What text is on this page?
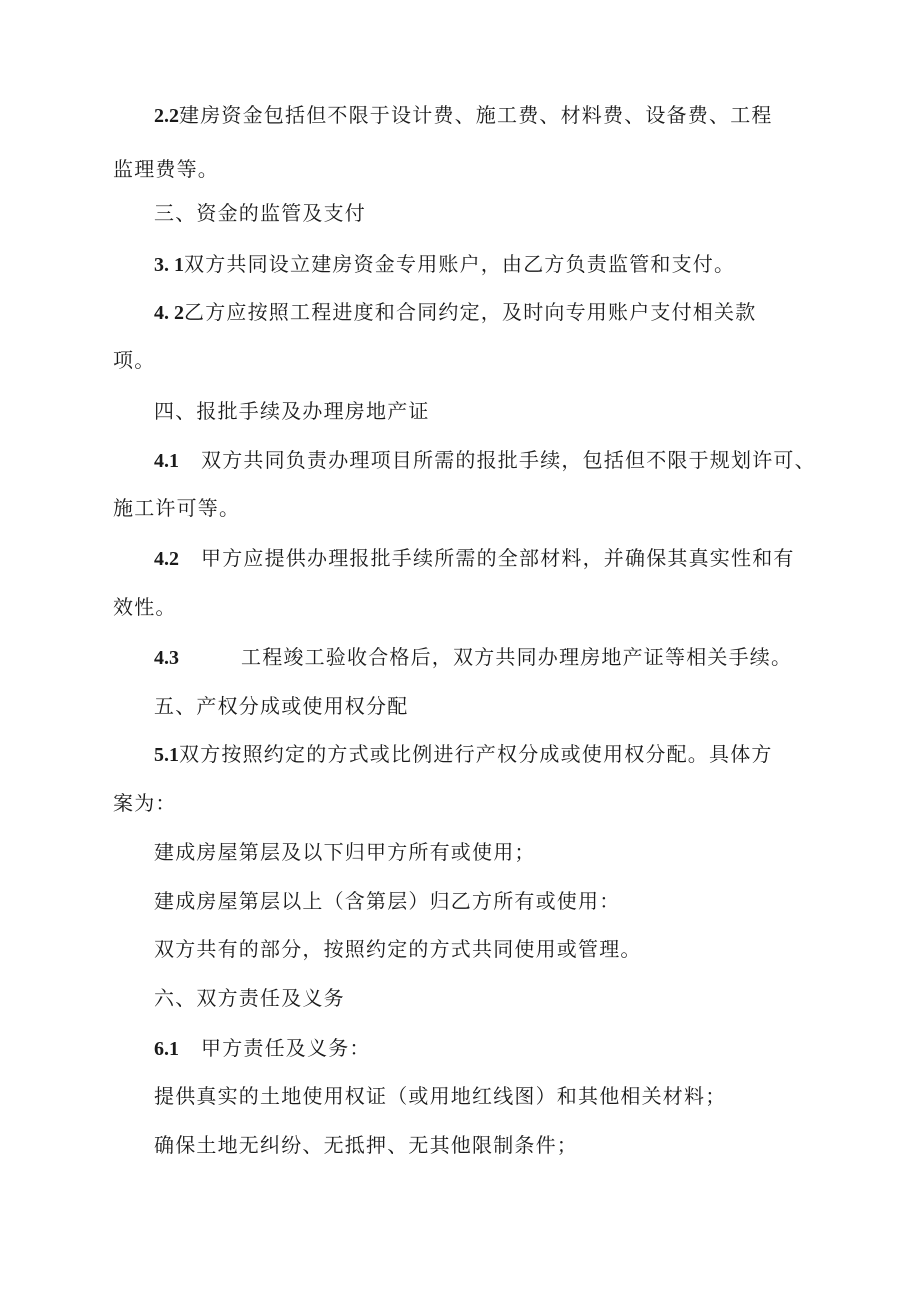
2.2建房资金包括但不限于设计费、施工费、材料费、设备费、工程
监理费等。
三、资金的监管及支付
3. 1双方共同设立建房资金专用账户，由乙方负责监管和支付。
4. 2乙方应按照工程进度和合同约定，及时向专用账户支付相关款
项。
四、报批手续及办理房地产证
4.1 双方共同负责办理项目所需的报批手续，包括但不限于规划许可、
施工许可等。
4.2 甲方应提供办理报批手续所需的全部材料，并确保其真实性和有
效性。
4.3	工程竣工验收合格后，双方共同办理房地产证等相关手续。
五、产权分成或使用权分配
5.1双方按照约定的方式或比例进行产权分成或使用权分配。具体方
案为：
建成房屋第层及以下归甲方所有或使用；
建成房屋第层以上（含第层）归乙方所有或使用：
双方共有的部分，按照约定的方式共同使用或管理。
六、双方责任及义务
6.1 甲方责任及义务：
提供真实的土地使用权证（或用地红线图）和其他相关材料；
确保土地无纠纷、无抵押、无其他限制条件；
